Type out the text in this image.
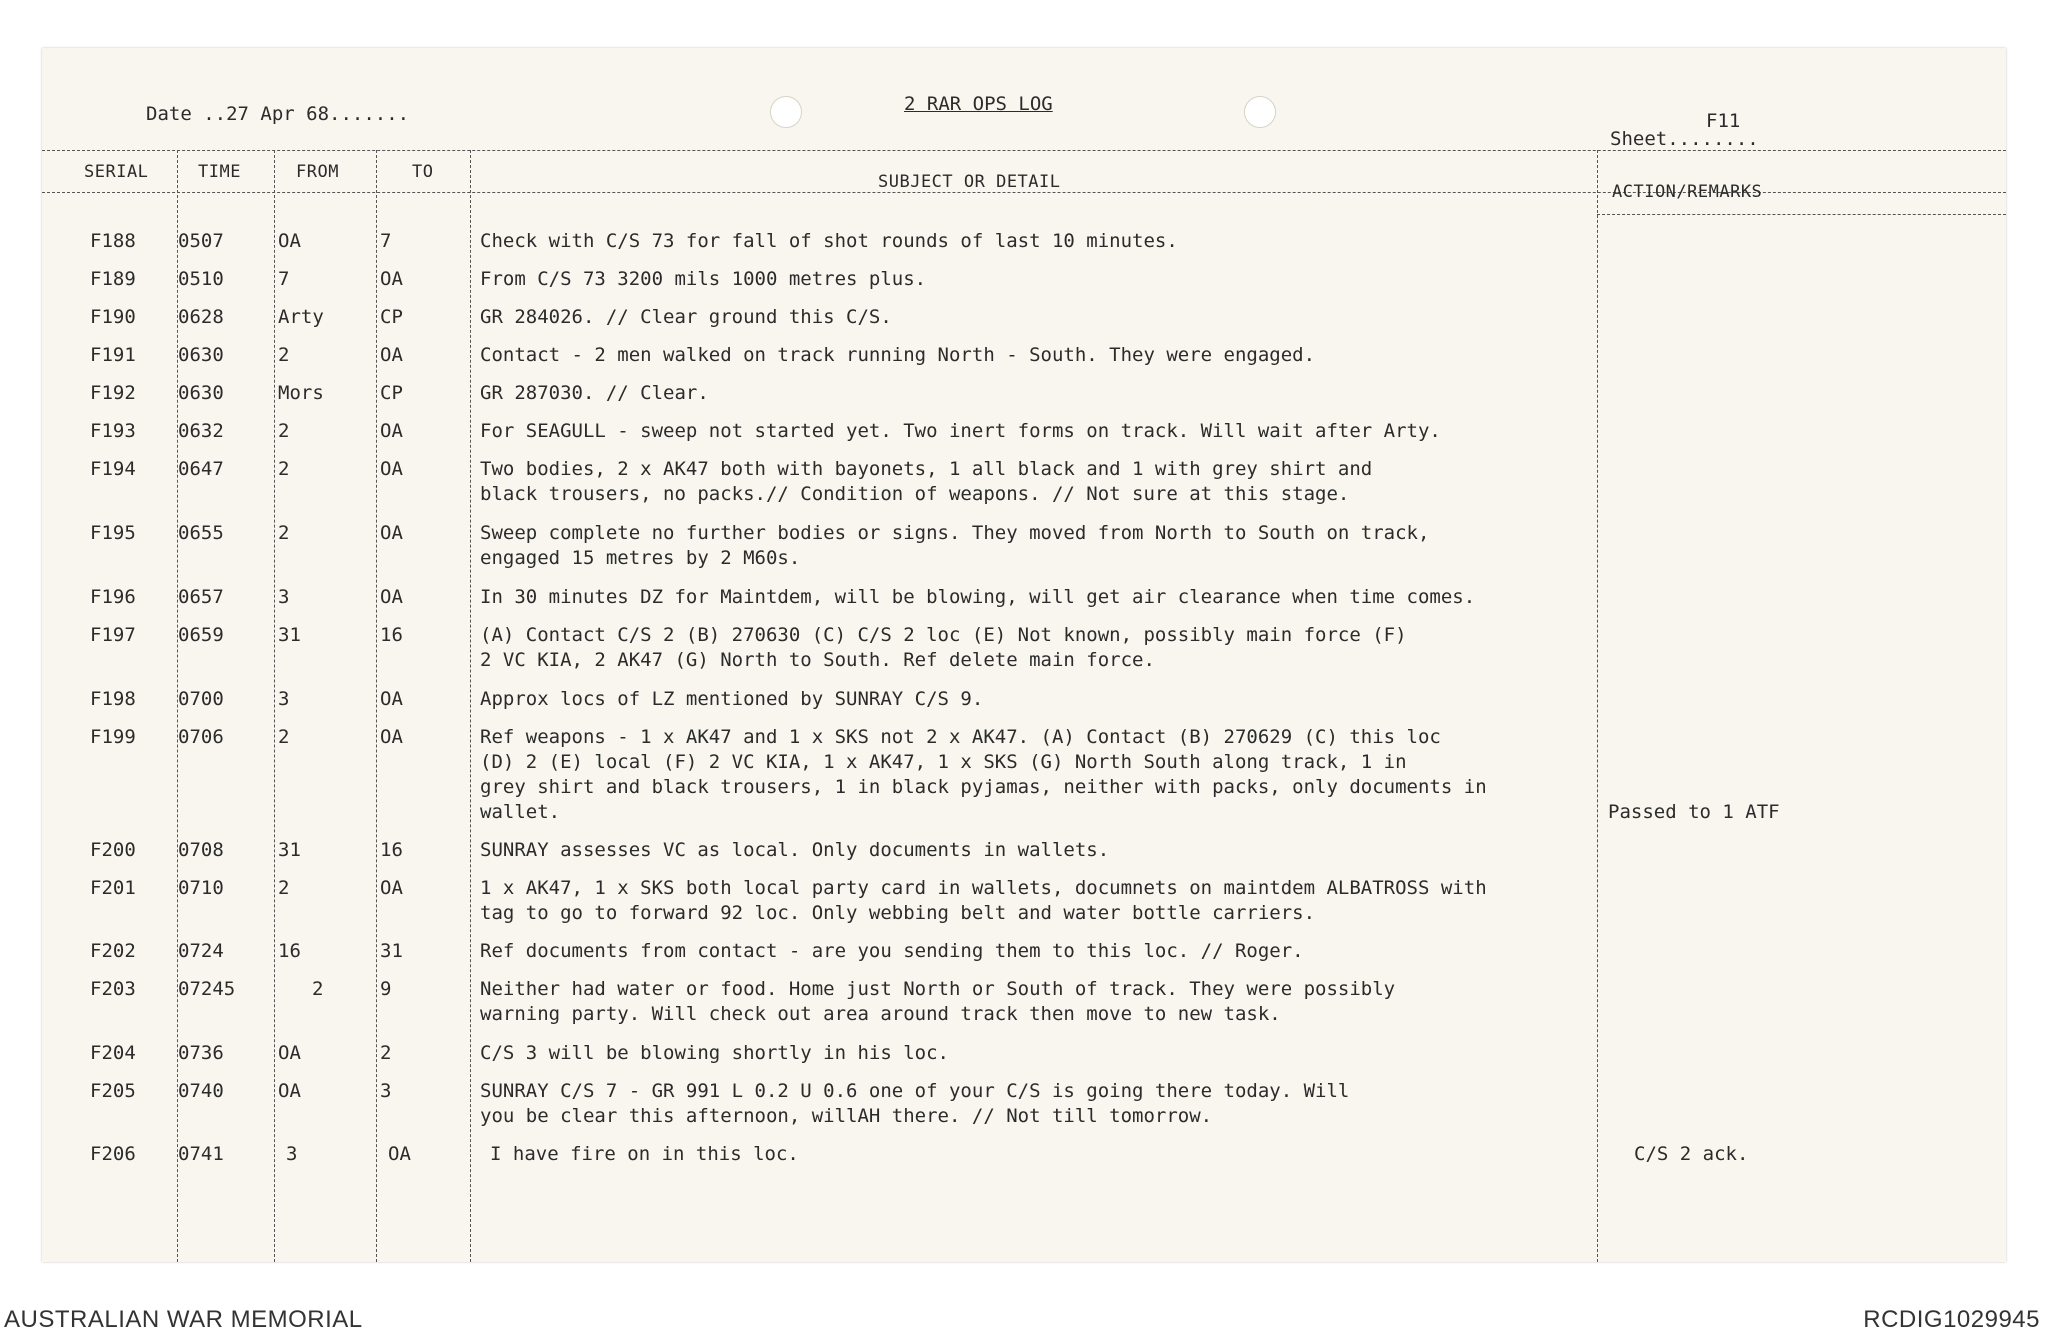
Date ..27 Apr 68.......	2 RAR OPS LOG
Sheet........
F11
SERIAL	TIME	FROM	TO	SUBJECT OR DETAIL	ACTION/REMARKS
F188 0507	OA	7	Check with C/S 73 for fall of shot rounds of last 10 minutes.
F189 0510	7	OA	From C/S 73 3200 mils 1000 metres plus.
F190 0628	Arty	CP	GR 284026. // Clear ground this C/S.
F191 0630	2	OA	Contact - 2 men walked on track running North - South. They were engaged.
F192 0630	Mors	CP	GR 287030. // Clear.
F193 0632	2	OA	For SEAGULL - sweep not started yet. Two inert forms on track. Will wait after Arty.
F194 0647	2	OA	Two bodies, 2 x AK47 both with bayonets, 1 all black and 1 with grey shirt and
black trousers, no packs.// Condition of weapons. // Not sure at this stage.
F195 0655	2	OA	Sweep complete no further bodies or signs. They moved from North to South on track,
engaged 15 metres by 2 M60s.
F196 0657	3	OA	In 30 minutes DZ for Maintdem, will be blowing, will get air clearance when time comes.
F197 0659	31	16	(A) Contact C/S 2 (B) 270630 (C) C/S 2 loc (E) Not known, possibly main force (F)
2 VC KIA, 2 AK47 (G) North to South. Ref delete main force.
F198 0700	3	OA	Approx locs of LZ mentioned by SUNRAY C/S 9.
F199 0706	2	OA	Ref weapons - 1 x AK47 and 1 x SKS not 2 x AK47. (A) Contact (B) 270629 (C) this loc
(D) 2 (E) local (F) 2 VC KIA, 1 x AK47, 1 x SKS (G) North South along track, 1 in
grey shirt and black trousers, 1 in black pyjamas, neither with packs, only documents in
wallet.	Passed to 1 ATF
F200 0708	31	16	SUNRAY assesses VC as local. Only documents in wallets.
F201 0710	2	OA	1 x AK47, 1 x SKS both local party card in wallets, documnets on maintdem ALBATROSS with
tag to go to forward 92 loc. Only webbing belt and water bottle carriers.
F202 0724	16	31	Ref documents from contact - are you sending them to this loc. // Roger.
F203 07245	2	9	Neither had water or food. Home just North or South of track. They were possibly
warning party. Will check out area around track then move to new task.
F204 0736	OA	2	C/S 3 will be blowing shortly in his loc.
F205 0740	OA	3	SUNRAY C/S 7 - GR 991 L 0.2 U 0.6 one of your C/S is going there today. Will
you be clear this afternoon, willAH there. // Not till tomorrow.
F206 0741	3	OA	I have fire on in this loc.	C/S 2 ack.
AUSTRALIAN WAR MEMORIAL	RCDIG1029945
